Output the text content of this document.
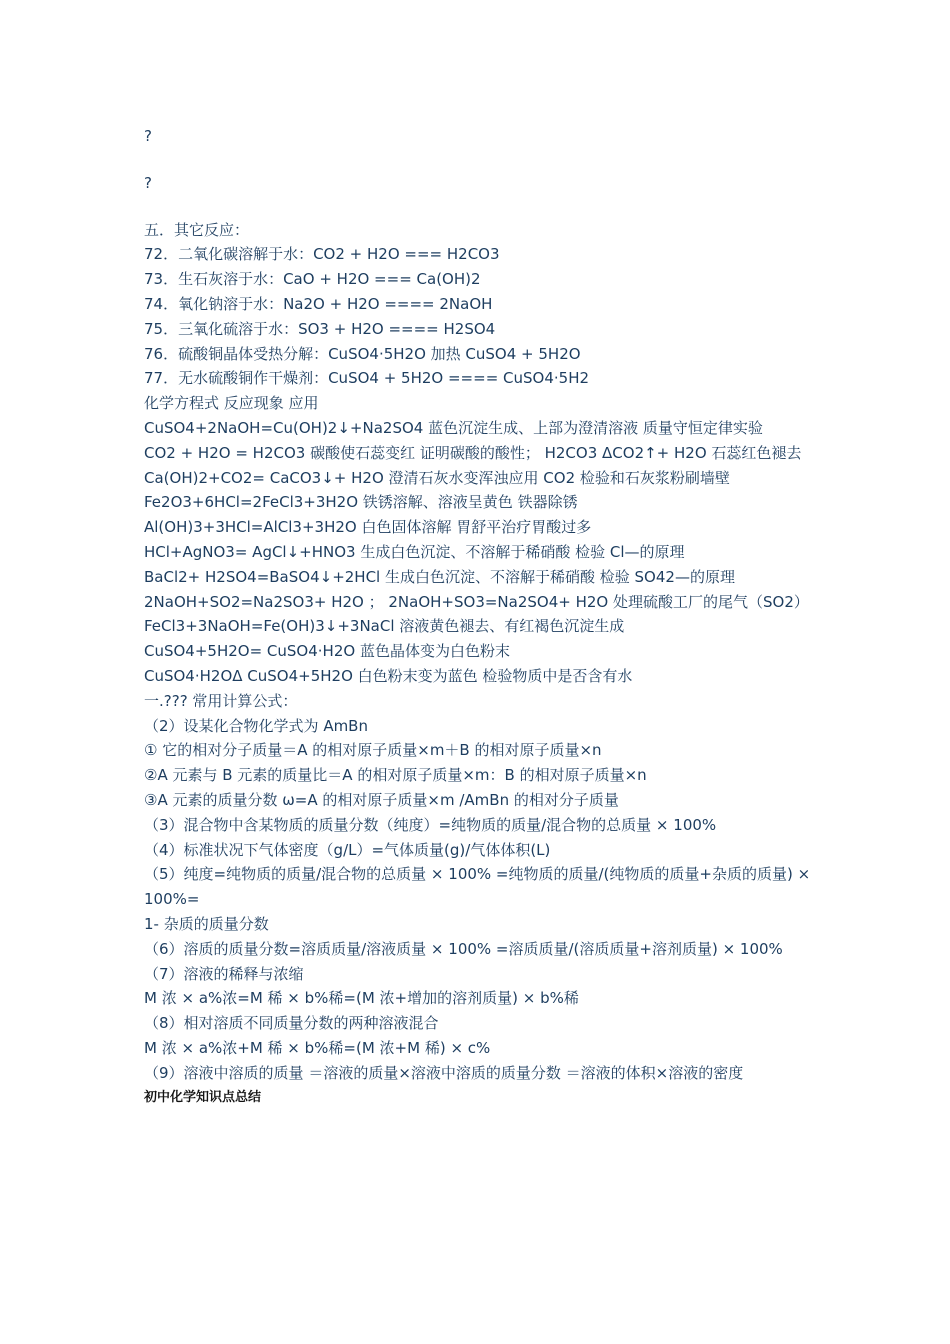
?

?

五．其它反应：

72．二氧化碳溶解于水：CO2 + H2O === H2CO3

73．生石灰溶于水：CaO + H2O === Ca(OH)2

74．氧化钠溶于水：Na2O + H2O ==== 2NaOH

75．三氧化硫溶于水：SO3 + H2O ==== H2SO4

76．硫酸铜晶体受热分解：CuSO4·5H2O 加热 CuSO4 + 5H2O

77．无水硫酸铜作干燥剂：CuSO4 + 5H2O ==== CuSO4·5H2

化学方程式 反应现象 应用

CuSO4+2NaOH=Cu(OH)2↓+Na2SO4 蓝色沉淀生成、上部为澄清溶液 质量守恒定律实验

CO2 + H2O = H2CO3 碳酸使石蕊变红 证明碳酸的酸性； H2CO3 ΔCO2↑+ H2O 石蕊红色褪去

Ca(OH)2+CO2= CaCO3↓+ H2O 澄清石灰水变浑浊应用 CO2 检验和石灰浆粉刷墙壁

Fe2O3+6HCl=2FeCl3+3H2O 铁锈溶解、溶液呈黄色 铁器除锈

Al(OH)3+3HCl=AlCl3+3H2O 白色固体溶解 胃舒平治疗胃酸过多

HCl+AgNO3= AgCl↓+HNO3 生成白色沉淀、不溶解于稀硝酸 检验 Cl—的原理

BaCl2+ H2SO4=BaSO4↓+2HCl 生成白色沉淀、不溶解于稀硝酸 检验 SO42—的原理

2NaOH+SO2=Na2SO3+ H2O ； 2NaOH+SO3=Na2SO4+ H2O 处理硫酸工厂的尾气（SO2）

FeCl3+3NaOH=Fe(OH)3↓+3NaCl 溶液黄色褪去、有红褐色沉淀生成

CuSO4+5H2O= CuSO4·H2O 蓝色晶体变为白色粉末

CuSO4·H2OΔ CuSO4+5H2O 白色粉末变为蓝色 检验物质中是否含有水

一.??? 常用计算公式：

（2）设某化合物化学式为 AmBn

① 它的相对分子质量＝A 的相对原子质量×m＋B 的相对原子质量×n

②A 元素与 B 元素的质量比＝A 的相对原子质量×m：B 的相对原子质量×n

③A 元素的质量分数 ω=A 的相对原子质量×m /AmBn 的相对分子质量

（3）混合物中含某物质的质量分数（纯度）=纯物质的质量/混合物的总质量 × 100%

（4）标准状况下气体密度（g/L）=气体质量(g)/气体体积(L)

（5）纯度=纯物质的质量/混合物的总质量 × 100% =纯物质的质量/(纯物质的质量+杂质的质量) × 100%=

1- 杂质的质量分数

（6）溶质的质量分数=溶质质量/溶液质量 × 100% =溶质质量/(溶质质量+溶剂质量) × 100%

（7）溶液的稀释与浓缩

M 浓 × a%浓=M 稀 × b%稀=(M 浓+增加的溶剂质量) × b%稀

（8）相对溶质不同质量分数的两种溶液混合

M 浓 × a%浓+M 稀 × b%稀=(M 浓+M 稀) × c%

（9）溶液中溶质的质量 ＝溶液的质量×溶液中溶质的质量分数 ＝溶液的体积×溶液的密度

初中化学知识点总结
